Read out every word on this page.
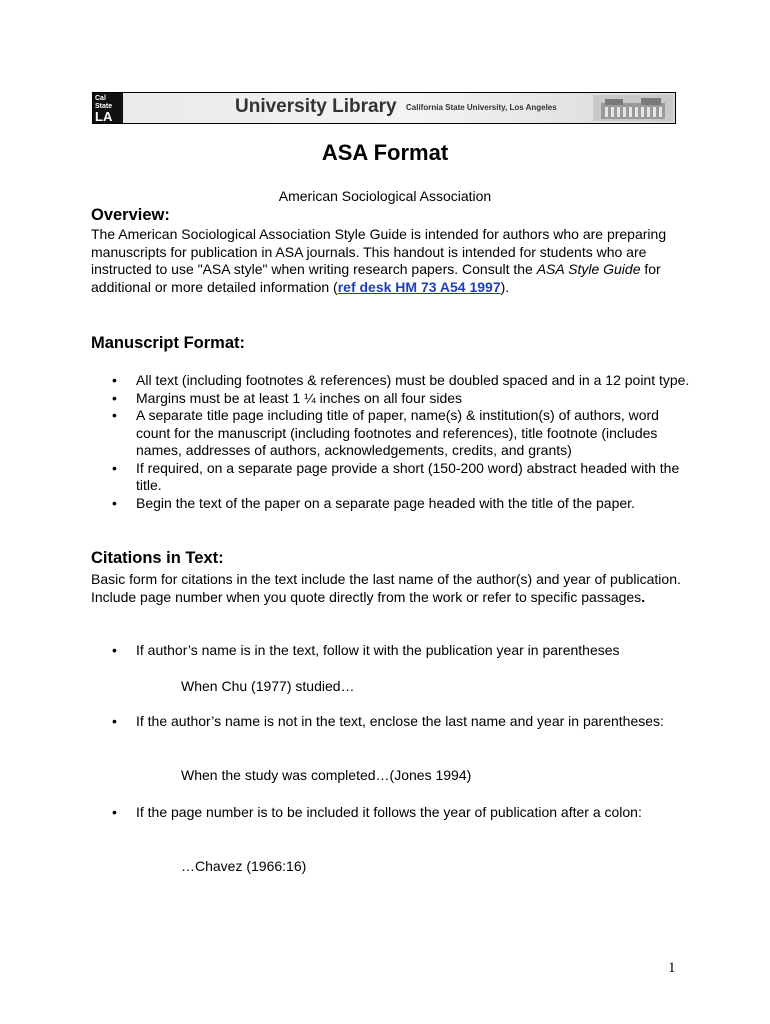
Cal
State
LA	University Library California State University, Los Angeles
ASA Format
American Sociological Association
Overview:

The American Sociological Association Style Guide is intended for authors who are preparing manuscripts for publication in ASA journals. This handout is intended for students who are instructed to use "ASA style" when writing research papers. Consult the ASA Style Guide for additional or more detailed information (ref desk HM 73 A54 1997).

Manuscript Format:
• All text (including footnotes & references) must be doubled spaced and in a 12 point type.
• Margins must be at least 1 ¼ inches on all four sides
• A separate title page including title of paper, name(s) & institution(s) of authors, word count for the manuscript (including footnotes and references), title footnote (includes names, addresses of authors, acknowledgements, credits, and grants)
• If required, on a separate page provide a short (150-200 word) abstract headed with the title.
• Begin the text of the paper on a separate page headed with the title of the paper.
Citations in Text:

Basic form for citations in the text include the last name of the author(s) and year of publication. Include page number when you quote directly from the work or refer to specific passages.

• If author’s name is in the text, follow it with the publication year in parentheses
When Chu (1977) studied…
• If the author’s name is not in the text, enclose the last name and year in parentheses:
When the study was completed…(Jones 1994)
• If the page number is to be included it follows the year of publication after a colon:
…Chavez (1966:16)
1
